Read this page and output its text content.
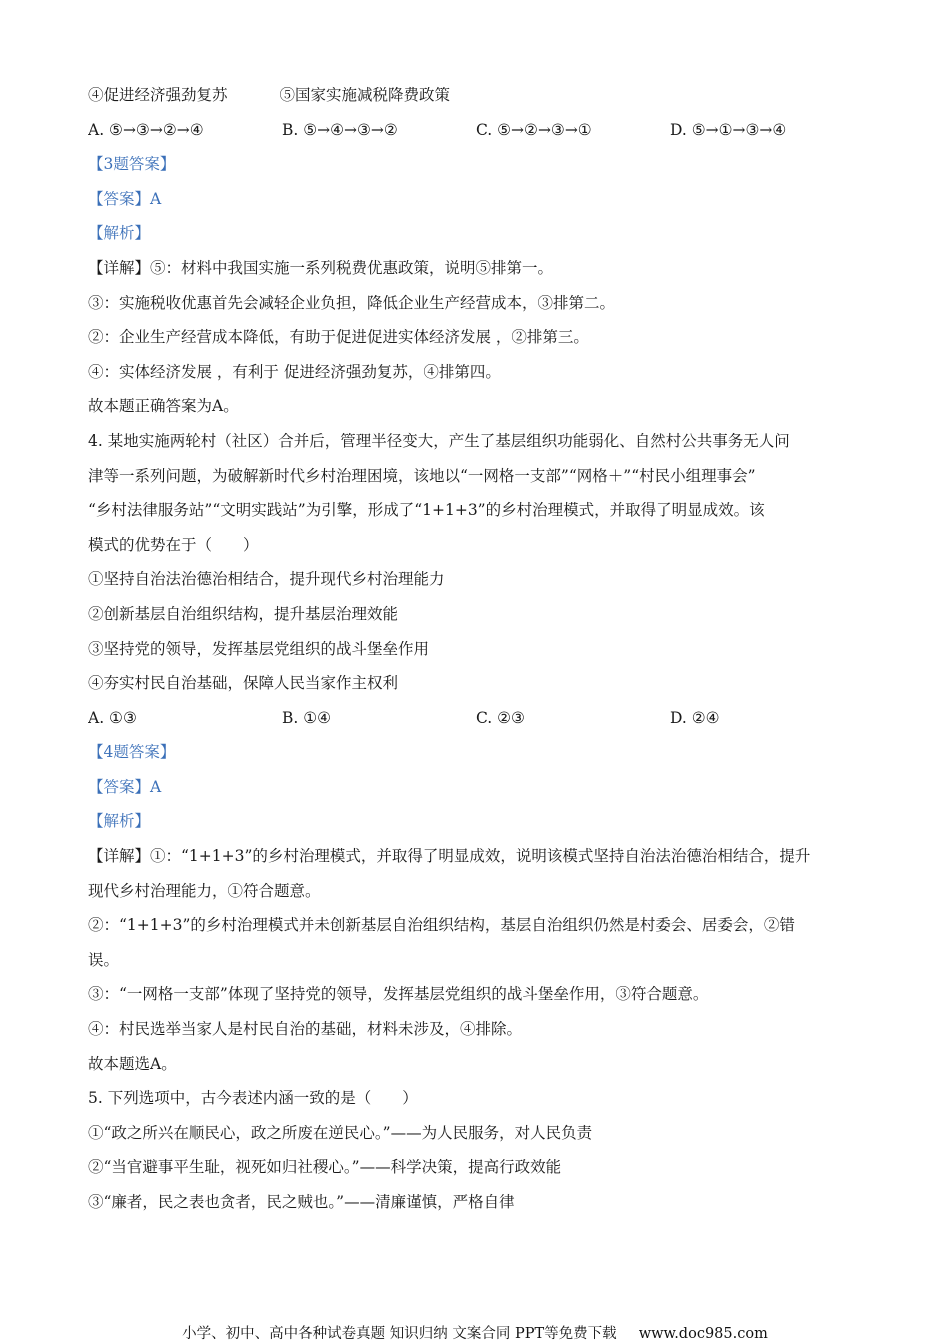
④促进经济强劲复苏	⑤国家实施减税降费政策
A. ⑤→③→②→④	B. ⑤→④→③→②	C. ⑤→②→③→①	D. ⑤→①→③→④
【3题答案】
【答案】A
【解析】
【详解】⑤：材料中我国实施一系列税费优惠政策，说明⑤排第一。
③：实施税收优惠首先会减轻企业负担，降低企业生产经营成本，③排第二。
②：企业生产经营成本降低，有助于促进促进实体经济发展 ，②排第三。
④：实体经济发展 ，有利于 促进经济强劲复苏，④排第四。
故本题正确答案为A。
4. 某地实施两轮村（社区）合并后，管理半径变大，产生了基层组织功能弱化、自然村公共事务无人问
津等一系列问题，为破解新时代乡村治理困境，该地以“一网格一支部”“网格＋”“村民小组理事会”
“乡村法律服务站”“文明实践站”为引擎，形成了“1+1+3”的乡村治理模式，并取得了明显成效。该
模式的优势在于（　　）
①坚持自治法治德治相结合，提升现代乡村治理能力
②创新基层自治组织结构，提升基层治理效能
③坚持党的领导，发挥基层党组织的战斗堡垒作用
④夯实村民自治基础，保障人民当家作主权利
A. ①③	B. ①④	C. ②③	D. ②④
【4题答案】
【答案】A
【解析】
【详解】①：“1+1+3”的乡村治理模式，并取得了明显成效，说明该模式坚持自治法治德治相结合，提升
现代乡村治理能力，①符合题意。
②：“1+1+3”的乡村治理模式并未创新基层自治组织结构，基层自治组织仍然是村委会、居委会，②错
误。
③：“一网格一支部”体现了坚持党的领导，发挥基层党组织的战斗堡垒作用，③符合题意。
④：村民选举当家人是村民自治的基础，材料未涉及，④排除。
故本题选A。
5. 下列选项中，古今表述内涵一致的是（　　）
①“政之所兴在顺民心，政之所废在逆民心。”——为人民服务，对人民负责
②“当官避事平生耻，视死如归社稷心。”——科学决策，提高行政效能
③“廉者，民之表也贪者，民之贼也。”——清廉谨慎，严格自律
小学、初中、高中各种试卷真题 知识归纳 文案合同 PPT等免费下载 www.doc985.com
